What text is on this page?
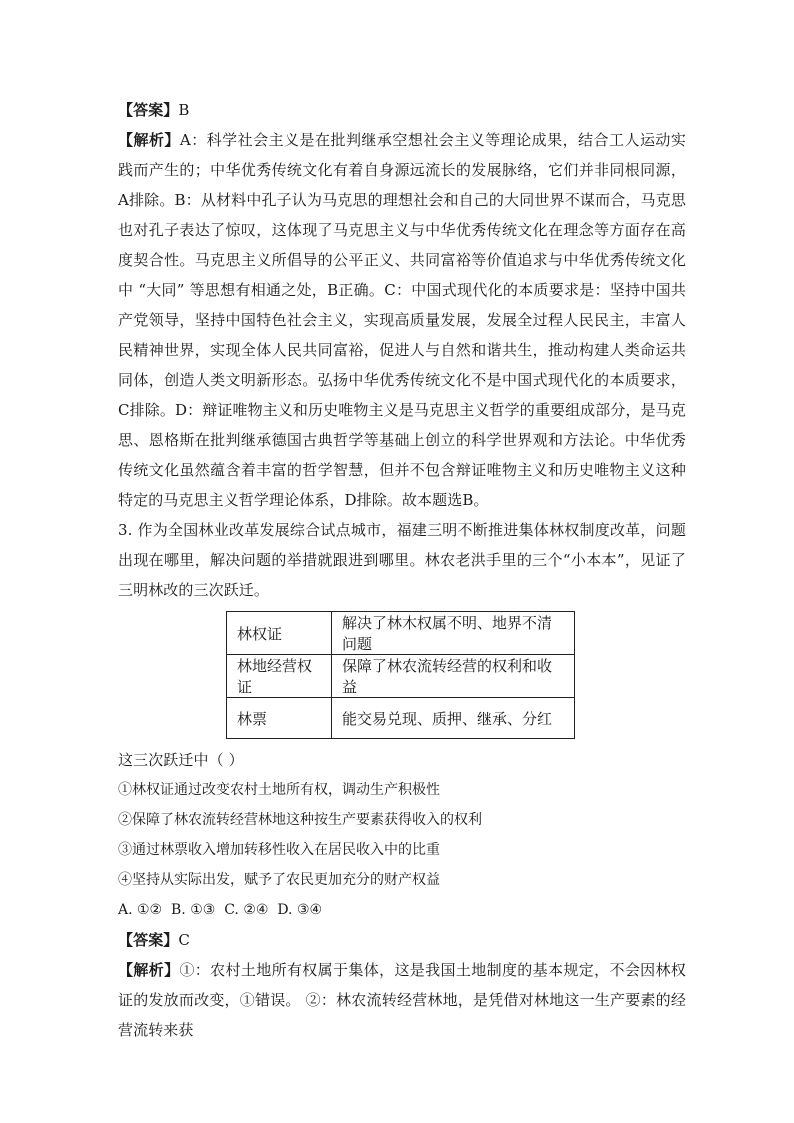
【答案】B

【解析】A：科学社会主义是在批判继承空想社会主义等理论成果，结合工人运动实践而产生的；中华优秀传统文化有着自身源远流长的发展脉络，它们并非同根同源，A排除。B：从材料中孔子认为马克思的理想社会和自己的大同世界不谋而合，马克思也对孔子表达了惊叹，这体现了马克思主义与中华优秀传统文化在理念等方面存在高度契合性。马克思主义所倡导的公平正义、共同富裕等价值追求与中华优秀传统文化中 “大同” 等思想有相通之处，B正确。C：中国式现代化的本质要求是：坚持中国共产党领导，坚持中国特色社会主义，实现高质量发展，发展全过程人民民主，丰富人民精神世界，实现全体人民共同富裕，促进人与自然和谐共生，推动构建人类命运共同体，创造人类文明新形态。弘扬中华优秀传统文化不是中国式现代化的本质要求，C排除。D：辩证唯物主义和历史唯物主义是马克思主义哲学的重要组成部分，是马克思、恩格斯在批判继承德国古典哲学等基础上创立的科学世界观和方法论。中华优秀传统文化虽然蕴含着丰富的哲学智慧，但并不包含辩证唯物主义和历史唯物主义这种特定的马克思主义哲学理论体系，D排除。故本题选B。

3. 作为全国林业改革发展综合试点城市，福建三明不断推进集体林权制度改革，问题出现在哪里，解决问题的举措就跟进到哪里。林农老洪手里的三个“小本本”，见证了三明林改的三次跃迁。

林权证	解决了林木权属不明、地界不清问题
林地经营权证	保障了林农流转经营的权利和收益
林票	能交易兑现、质押、继承、分红

这三次跃迁中（ ）

①林权证通过改变农村土地所有权，调动生产积极性

②保障了林农流转经营林地这种按生产要素获得收入的权利

③通过林票收入增加转移性收入在居民收入中的比重

④坚持从实际出发，赋予了农民更加充分的财产权益

A. ①②  B. ①③  C. ②④  D. ③④

【答案】C

【解析】①：农村土地所有权属于集体，这是我国土地制度的基本规定，不会因林权证的发放而改变，①错误。 ②：林农流转经营林地，是凭借对林地这一生产要素的经营流转来获
